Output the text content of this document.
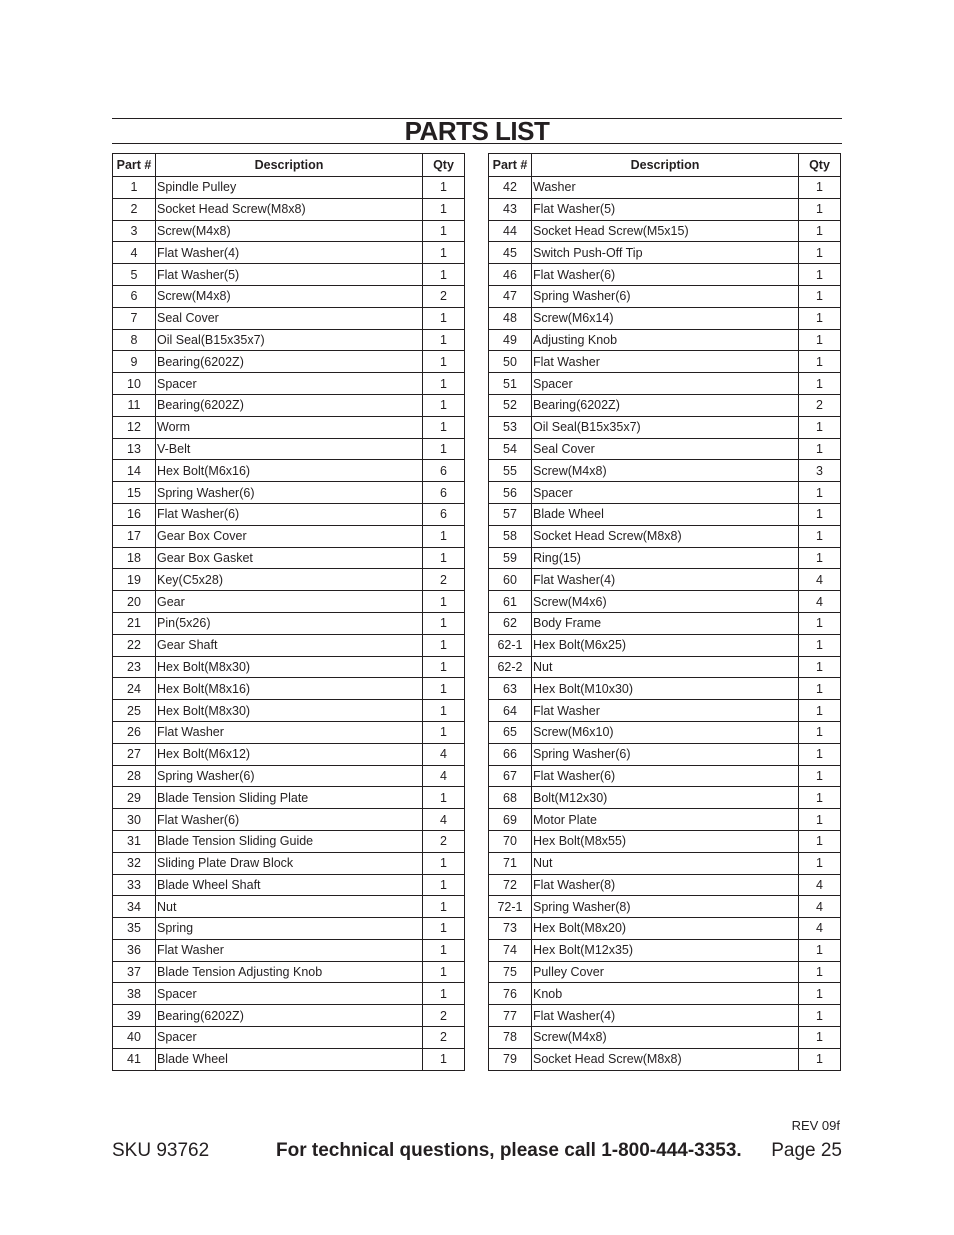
PARTS LIST
Part #	Description	Qty
1	Spindle Pulley	1
2	Socket Head Screw(M8x8)	1
3	Screw(M4x8)	1
4	Flat Washer(4)	1
5	Flat Washer(5)	1
6	Screw(M4x8)	2
7	Seal Cover	1
8	Oil Seal(B15x35x7)	1
9	Bearing(6202Z)	1
10	Spacer	1
11	Bearing(6202Z)	1
12	Worm	1
13	V-Belt	1
14	Hex Bolt(M6x16)	6
15	Spring Washer(6)	6
16	Flat Washer(6)	6
17	Gear Box Cover	1
18	Gear Box Gasket	1
19	Key(C5x28)	2
20	Gear	1
21	Pin(5x26)	1
22	Gear Shaft	1
23	Hex Bolt(M8x30)	1
24	Hex Bolt(M8x16)	1
25	Hex Bolt(M8x30)	1
26	Flat Washer	1
27	Hex Bolt(M6x12)	4
28	Spring Washer(6)	4
29	Blade Tension Sliding Plate	1
30	Flat Washer(6)	4
31	Blade Tension Sliding Guide	2
32	Sliding Plate Draw Block	1
33	Blade Wheel Shaft	1
34	Nut	1
35	Spring	1
36	Flat Washer	1
37	Blade Tension Adjusting Knob	1
38	Spacer	1
39	Bearing(6202Z)	2
40	Spacer	2
41	Blade Wheel	1
Part #	Description	Qty
42	Washer	1
43	Flat Washer(5)	1
44	Socket Head Screw(M5x15)	1
45	Switch Push-Off Tip	1
46	Flat Washer(6)	1
47	Spring Washer(6)	1
48	Screw(M6x14)	1
49	Adjusting Knob	1
50	Flat Washer	1
51	Spacer	1
52	Bearing(6202Z)	2
53	Oil Seal(B15x35x7)	1
54	Seal Cover	1
55	Screw(M4x8)	3
56	Spacer	1
57	Blade Wheel	1
58	Socket Head Screw(M8x8)	1
59	Ring(15)	1
60	Flat Washer(4)	4
61	Screw(M4x6)	4
62	Body Frame	1
62-1	Hex Bolt(M6x25)	1
62-2	Nut	1
63	Hex Bolt(M10x30)	1
64	Flat Washer	1
65	Screw(M6x10)	1
66	Spring Washer(6)	1
67	Flat Washer(6)	1
68	Bolt(M12x30)	1
69	Motor Plate	1
70	Hex Bolt(M8x55)	1
71	Nut	1
72	Flat Washer(8)	4
72-1	Spring Washer(8)	4
73	Hex Bolt(M8x20)	4
74	Hex Bolt(M12x35)	1
75	Pulley Cover	1
76	Knob	1
77	Flat Washer(4)	1
78	Screw(M4x8)	1
79	Socket Head Screw(M8x8)	1
REV 09f
SKU 93762	For technical questions, please call 1-800-444-3353. Page 25
